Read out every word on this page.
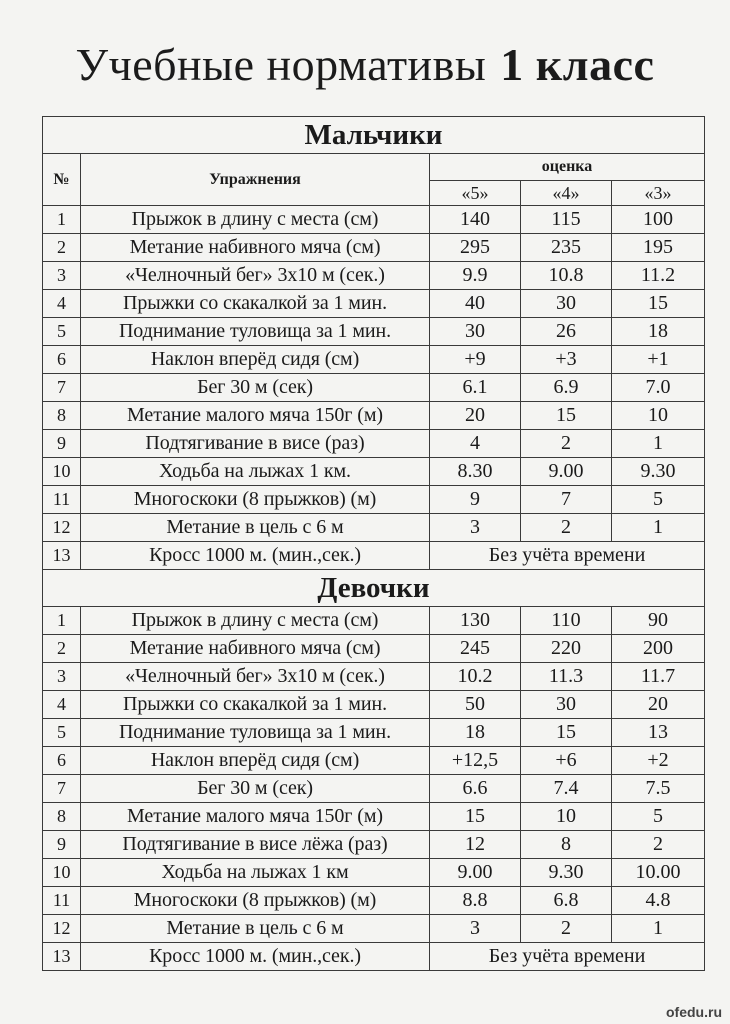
Учебные нормативы 1 класс
Мальчики				
№	Упражнения	оценка		
		«5»	«4»	«3»
1	Прыжок в длину с места (см)	140	115	100
2	Метание набивного мяча (см)	295	235	195
3	«Челночный бег» 3х10 м (сек.)	9.9	10.8	11.2
4	Прыжки со скакалкой за 1 мин.	40	30	15
5	Поднимание туловища за 1 мин.	30	26	18
6	Наклон вперёд сидя (см)	+9	+3	+1
7	Бег 30 м (сек)	6.1	6.9	7.0
8	Метание малого мяча 150г (м)	20	15	10
9	Подтягивание в висе (раз)	4	2	1
10	Ходьба на лыжах 1 км.	8.30	9.00	9.30
11	Многоскоки (8 прыжков) (м)	9	7	5
12	Метание в цель с 6 м	3	2	1
13	Кросс 1000 м. (мин.,сек.)	Без учёта времени		
Девочки				
1	Прыжок в длину с места (см)	130	110	90
2	Метание набивного мяча (см)	245	220	200
3	«Челночный бег» 3х10 м (сек.)	10.2	11.3	11.7
4	Прыжки со скакалкой за 1 мин.	50	30	20
5	Поднимание туловища за 1 мин.	18	15	13
6	Наклон вперёд сидя (см)	+12,5	+6	+2
7	Бег 30 м (сек)	6.6	7.4	7.5
8	Метание малого мяча 150г (м)	15	10	5
9	Подтягивание в висе лёжа (раз)	12	8	2
10	Ходьба на лыжах 1 км	9.00	9.30	10.00
11	Многоскоки (8 прыжков) (м)	8.8	6.8	4.8
12	Метание в цель с 6 м	3	2	1
13	Кросс 1000 м. (мин.,сек.)	Без учёта времени		
ofedu.ru
